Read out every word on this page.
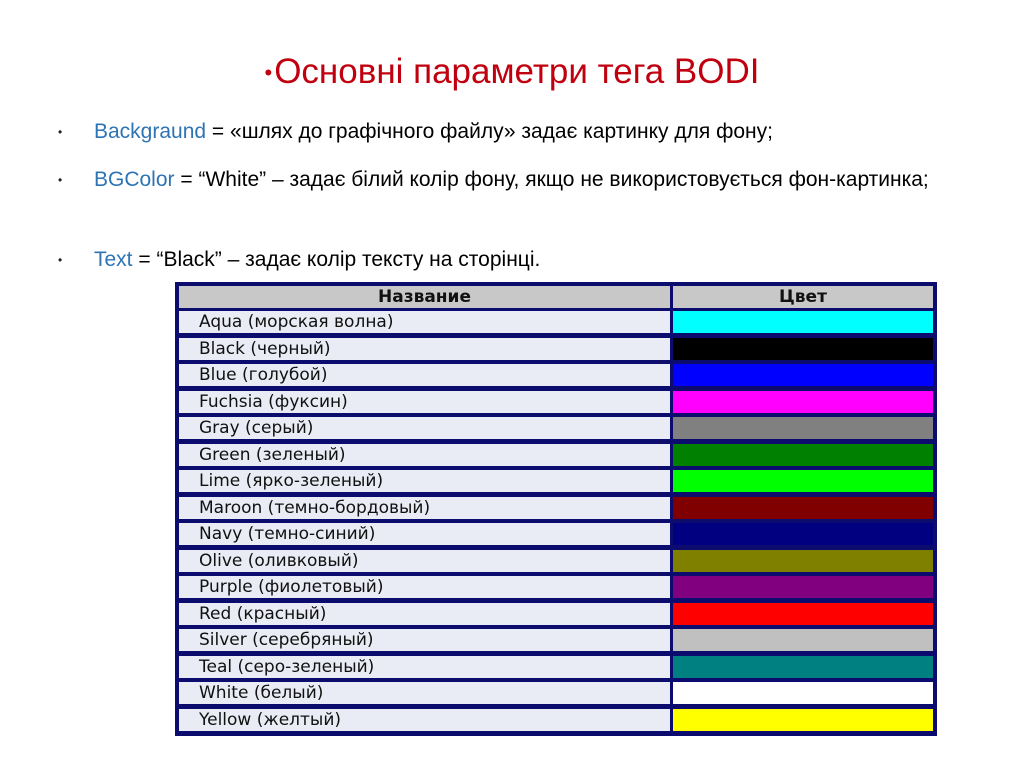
•Основні параметри тега BODI
• Backgraund = «шлях до графічного файлу» задає картинку для фону;
• BGColor = “White” – задає білий колір фону, якщо не використовується фон-картинка;
• Text = “Black” – задає колір тексту на сторінці.
Название	Цвет
Aqua (морская волна)
Black (черный)
Blue (голубой)
Fuchsia (фуксин)
Gray (серый)
Green (зеленый)
Lime (ярко-зеленый)
Maroon (темно-бордовый)
Navy (темно-синий)
Olive (оливковый)
Purple (фиолетовый)
Red (красный)
Silver (серебряный)
Teal (серо-зеленый)
White (белый)
Yellow (желтый)
